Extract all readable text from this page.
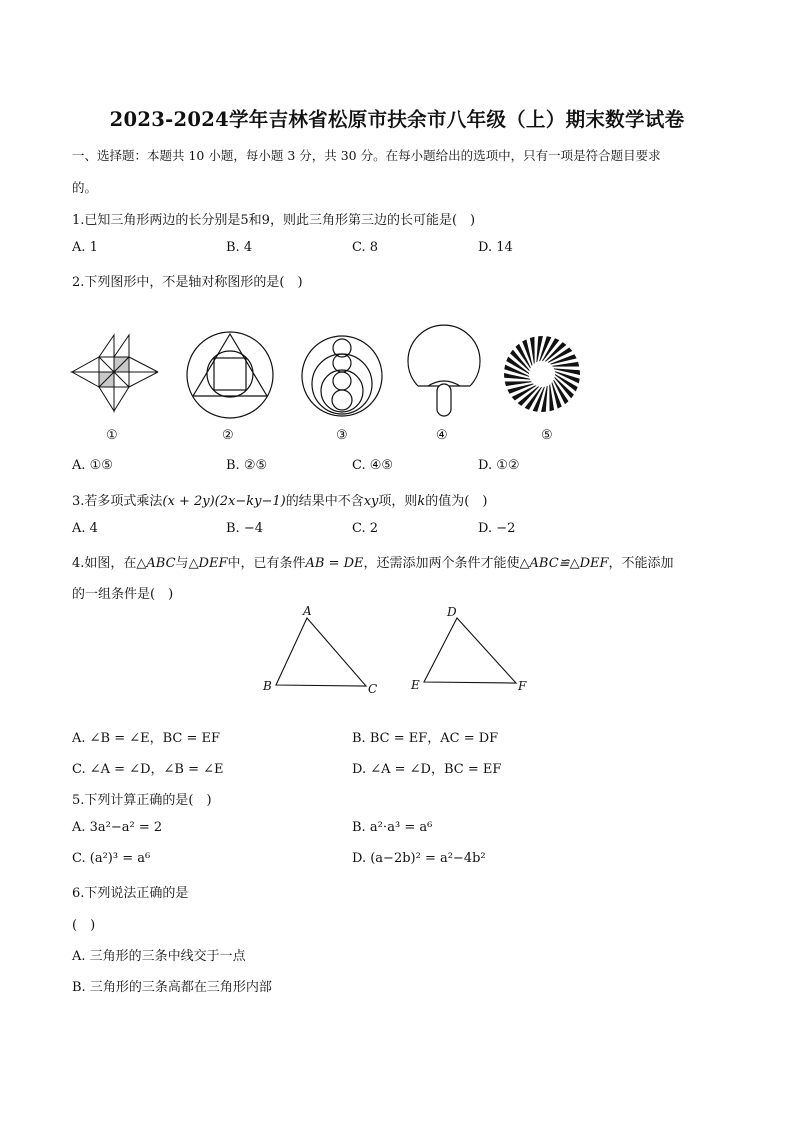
2023-2024学年吉林省松原市扶余市八年级（上）期末数学试卷
一、选择题：本题共 10 小题，每小题 3 分，共 30 分。在每小题给出的选项中，只有一项是符合题目要求
的。
1.已知三角形两边的长分别是5和9，则此三角形第三边的长可能是(　)
A. 1	B. 4	C. 8	D. 14
2.下列图形中，不是轴对称图形的是(　)
①	②	③	④	⑤
A. ①⑤	B. ②⑤	C. ④⑤	D. ①②
3.若多项式乘法(x + 2y)(2x−ky−1)的结果中不含xy项，则k的值为(　)
A. 4	B. −4	C. 2	D. −2
4.如图，在△ABC与△DEF中，已有条件AB = DE，还需添加两个条件才能使△ABC≌△DEF，不能添加
的一组条件是(　)
A
B	C
D
E	F
A. ∠B = ∠E，BC = EF	B. BC = EF，AC = DF
C. ∠A = ∠D，∠B = ∠E	D. ∠A = ∠D，BC = EF
5.下列计算正确的是(　)
A. 3a²−a² = 2	B. a²⋅a³ = a⁶
C. (a²)³ = a⁶	D. (a−2b)² = a²−4b²
6.下列说法正确的是
(　)
A. 三角形的三条中线交于一点
B. 三角形的三条高都在三角形内部
